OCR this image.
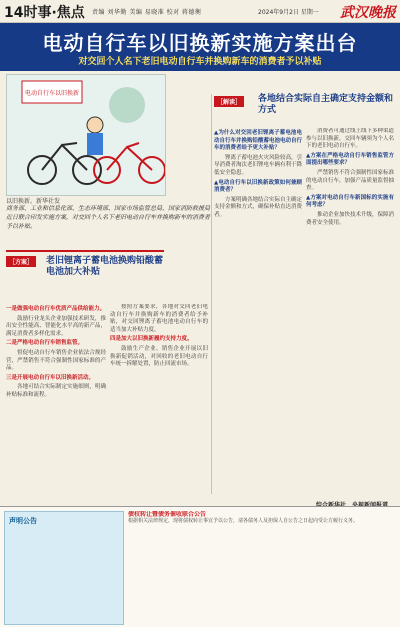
14时事·焦点 责编 刘华勤 美编 易晓准 校对 蒋德衡	2024年9月2日 星期一 武汉晚报
电动自行车以旧换新实施方案出台
对交回个人名下老旧电动自行车并换购新车的消费者予以补贴
电动自行车以旧换新
以旧换新。新华社发
商务部、工业和信息化部、生态环境部、国家市场监管总局、国家消防救援局近日联合印发实施方案，对交回个人名下老旧电动自行车并换购新车的消费者予以补贴。
［方案］	老旧锂离子蓄电池换购铅酸蓄电池加大补贴

一是做强电动自行车优质产品供给能力。

鼓励行业龙头企业加强技术研发，推出安全性能高、智能化水平高的新产品，满足消费者多样化需求。

二是严格电动自行车销售监管。

督促电动自行车销售企业依法合规经营，严禁销售不符合强制性国家标准的产品。

三是开展电动自行车以旧换新活动。

各地可结合实际制定实施细则，明确补贴标准和流程。

按照方案要求，各地对交回老旧电动自行车并换购新车的消费者给予补贴，对交回锂离子蓄电池电动自行车的适当加大补贴力度。

四是加大以旧换新履约支持力度。

鼓励生产企业、销售企业开展以旧换新促销活动，对回收的老旧电动自行车统一拆解处置，防止回流市场。

［解读］	各地结合实际自主确定支持金额和方式

▲为什么对交回老旧锂离子蓄电池电动自行车并换购铅酸蓄电池电动自行车的消费者给予更大补贴？

锂离子蓄电池火灾风险较高，引导消费者淘汰老旧锂电车辆有利于降低安全隐患。

▲电动自行车以旧换新政策如何兼顾消费者？

方案明确各地结合实际自主确定支持金额和方式，确保补贴直达消费者。

消费者可通过线上线下多种渠道参与以旧换新，交回车辆须为个人名下的老旧电动自行车。

▲方案在严格电动自行车销售监管方面提出哪些要求？

严禁销售不符合强制性国家标准的电动自行车，加强产品质量监督抽查。

▲方案对电动自行车新国标的实施有何考虑？

推动企业加快技术升级，保障消费者安全使用。

声明公告
债权转让暨债务催收联合公告
根据相关法律规定，现将债权转让事宜予以公告，请各债务人及担保人自公告之日起向受让方履行义务。
